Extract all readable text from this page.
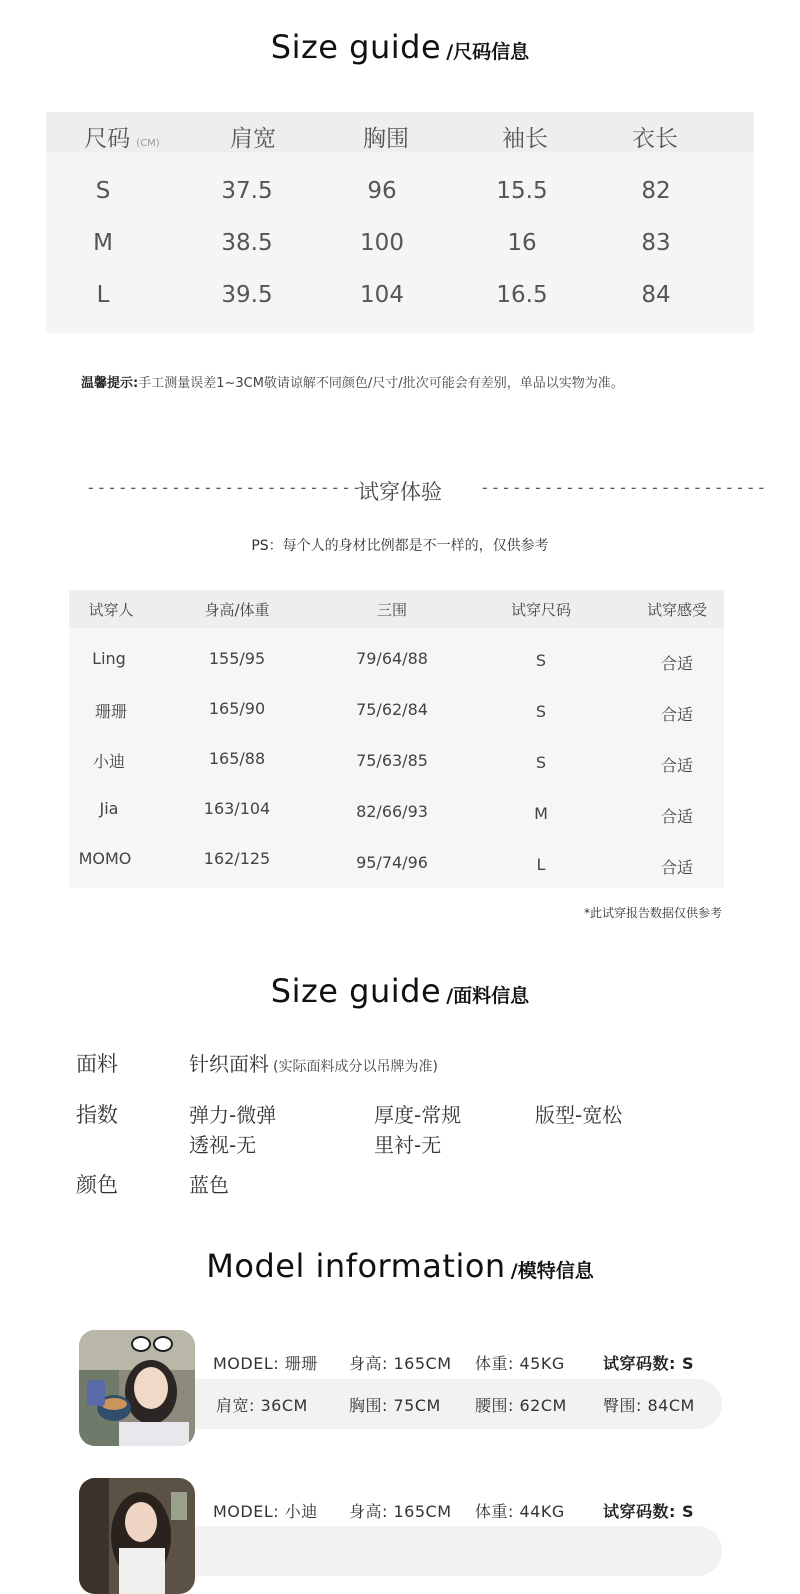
Size guide /尺码信息
尺码 (CM)	肩宽	胸围	袖长	衣长
S	37.5	96	15.5	82
M	38.5	100	16	83
L	39.5	104	16.5	84
温馨提示:手工测量误差1~3CM敬请谅解不同颜色/尺寸/批次可能会有差别，单品以实物为准。
---------------------------
试穿体验	---------------------------
PS：每个人的身材比例都是不一样的，仅供参考
试穿人	身高/体重	三围	试穿尺码	试穿感受
Ling	155/95	79/64/88	S	合适
珊珊	165/90	75/62/84	S	合适
小迪	165/88	75/63/85	S	合适
Jia	163/104	82/66/93	M	合适
MOMO	162/125	95/74/96	L	合适
*此试穿报告数据仅供参考
Size guide /面料信息
面料	针织面料 (实际面料成分以吊牌为准)
指数	弹力-微弹	厚度-常规	版型-宽松
透视-无	里衬-无
颜色	蓝色
Model information /模特信息
MODEL: 珊珊 身高: 165CM 体重: 45KG 试穿码数: S
肩宽: 36CM	胸围: 75CM 腰围: 62CM 臀围: 84CM
MODEL: 小迪 身高: 165CM 体重: 44KG 试穿码数: S
